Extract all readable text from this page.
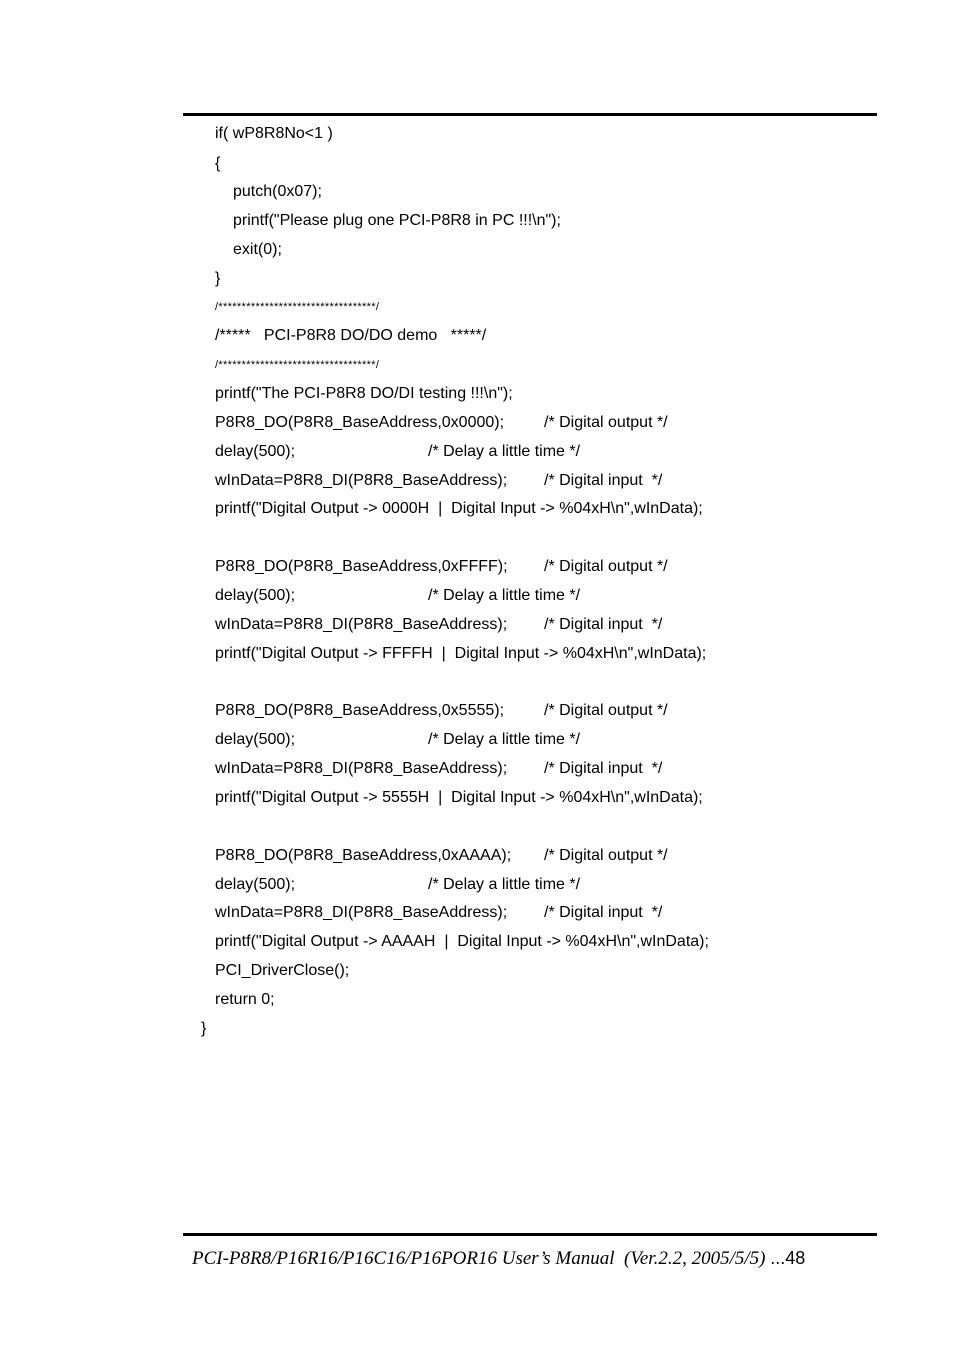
if( wP8R8No<1 )
{
putch(0x07);
printf("Please plug one PCI-P8R8 in PC !!!\n");
exit(0);
}
/**********************************/
/*****   PCI-P8R8 DO/DO demo   *****/
/**********************************/
printf("The PCI-P8R8 DO/DI testing !!!\n");
P8R8_DO(P8R8_BaseAddress,0x0000); /* Digital output */
delay(500);	/* Delay a little time */
wInData=P8R8_DI(P8R8_BaseAddress); /* Digital input  */
printf("Digital Output -> 0000H  |  Digital Input -> %04xH\n",wInData);
P8R8_DO(P8R8_BaseAddress,0xFFFF); /* Digital output */
delay(500);	/* Delay a little time */
wInData=P8R8_DI(P8R8_BaseAddress); /* Digital input  */
printf("Digital Output -> FFFFH  |  Digital Input -> %04xH\n",wInData);
P8R8_DO(P8R8_BaseAddress,0x5555); /* Digital output */
delay(500);	/* Delay a little time */
wInData=P8R8_DI(P8R8_BaseAddress); /* Digital input  */
printf("Digital Output -> 5555H  |  Digital Input -> %04xH\n",wInData);
P8R8_DO(P8R8_BaseAddress,0xAAAA); /* Digital output */
delay(500);	/* Delay a little time */
wInData=P8R8_DI(P8R8_BaseAddress); /* Digital input  */
printf("Digital Output -> AAAAH  |  Digital Input -> %04xH\n",wInData);
PCI_DriverClose();
return 0;
}
PCI-P8R8/P16R16/P16C16/P16POR16 User’s Manual  (Ver.2.2, 2005/5/5) ...48
